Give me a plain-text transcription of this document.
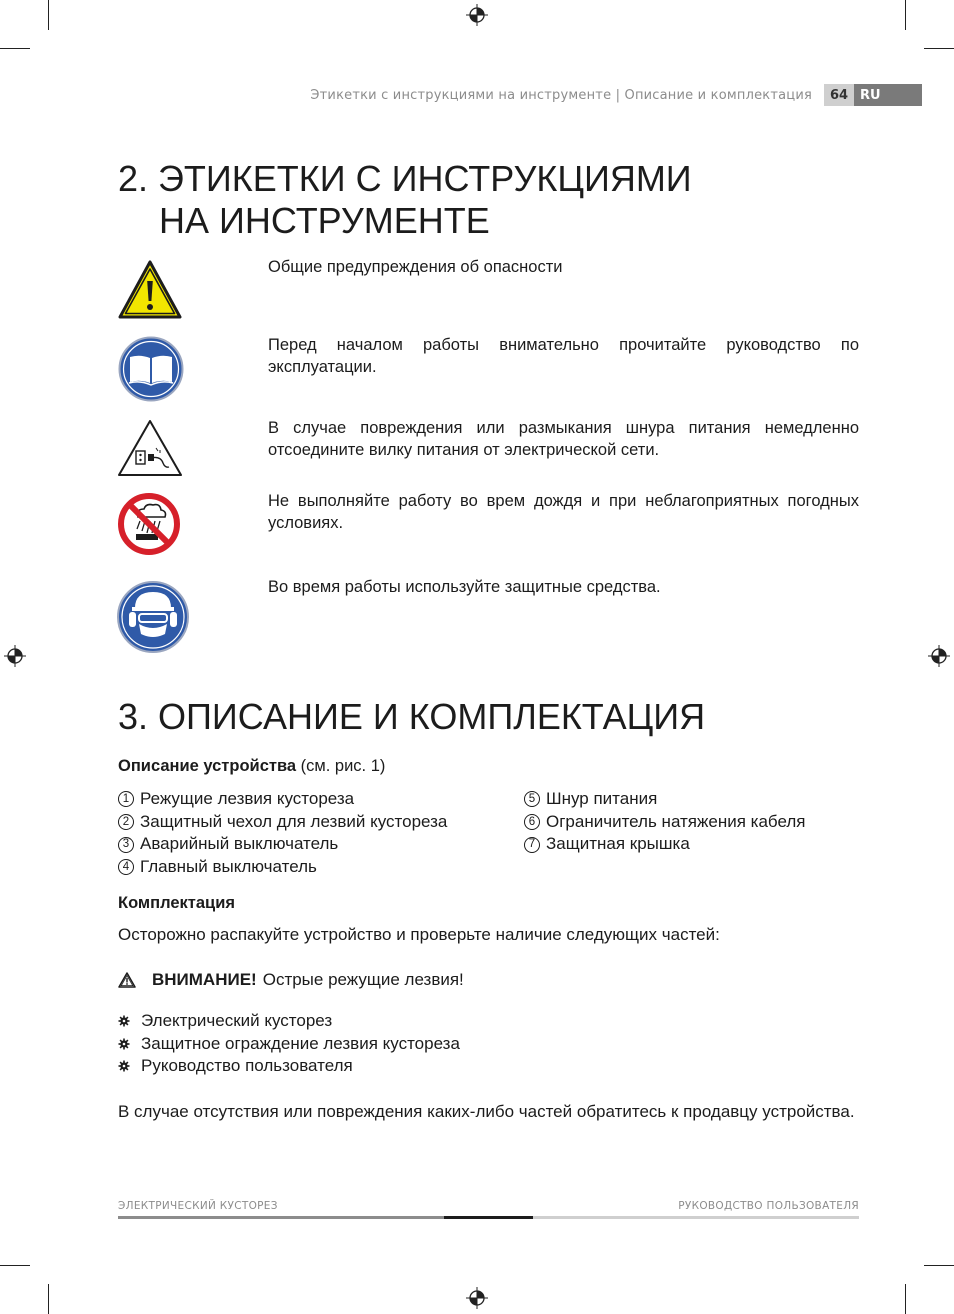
Этикетки с инструкциями на инструменте | Описание и комплектация	64 RU
2. ЭТИКЕТКИ С ИНСТРУКЦИЯМИ
НА ИНСТРУМЕНТЕ

Общие предупреждения об опасности

Перед началом работы внимательно прочитайте руководство по эксплуатации.

В случае повреждения или размыкания шнура питания немедленно отсоедините вилку питания от электрической сети.

Не выполняйте работу во врем дождя и при неблагоприятных погодных условиях.

Во время работы используйте защитные средства.

3. ОПИСАНИЕ И КОМПЛЕКТАЦИЯ

Описание устройства (см. рис. 1)

1 Режущие лезвия кустореза
2 Защитный чехол для лезвий кустореза
3 Аварийный выключатель
4 Главный выключатель
5 Шнур питания
6 Ограничитель натяжения кабеля
7 Защитная крышка

Комплектация

Осторожно распакуйте устройство и проверьте наличие следующих частей:

ВНИМАНИЕ! Острые режущие лезвия!
Электрический кусторез
Защитное ограждение лезвия кустореза
Руководство пользователя

В случае отсутствия или повреждения каких-либо частей обратитесь к продавцу устройства.

ЭЛЕКТРИЧЕСКИЙ КУСТОРЕЗ	РУКОВОДСТВО ПОЛЬЗОВАТЕЛЯ
